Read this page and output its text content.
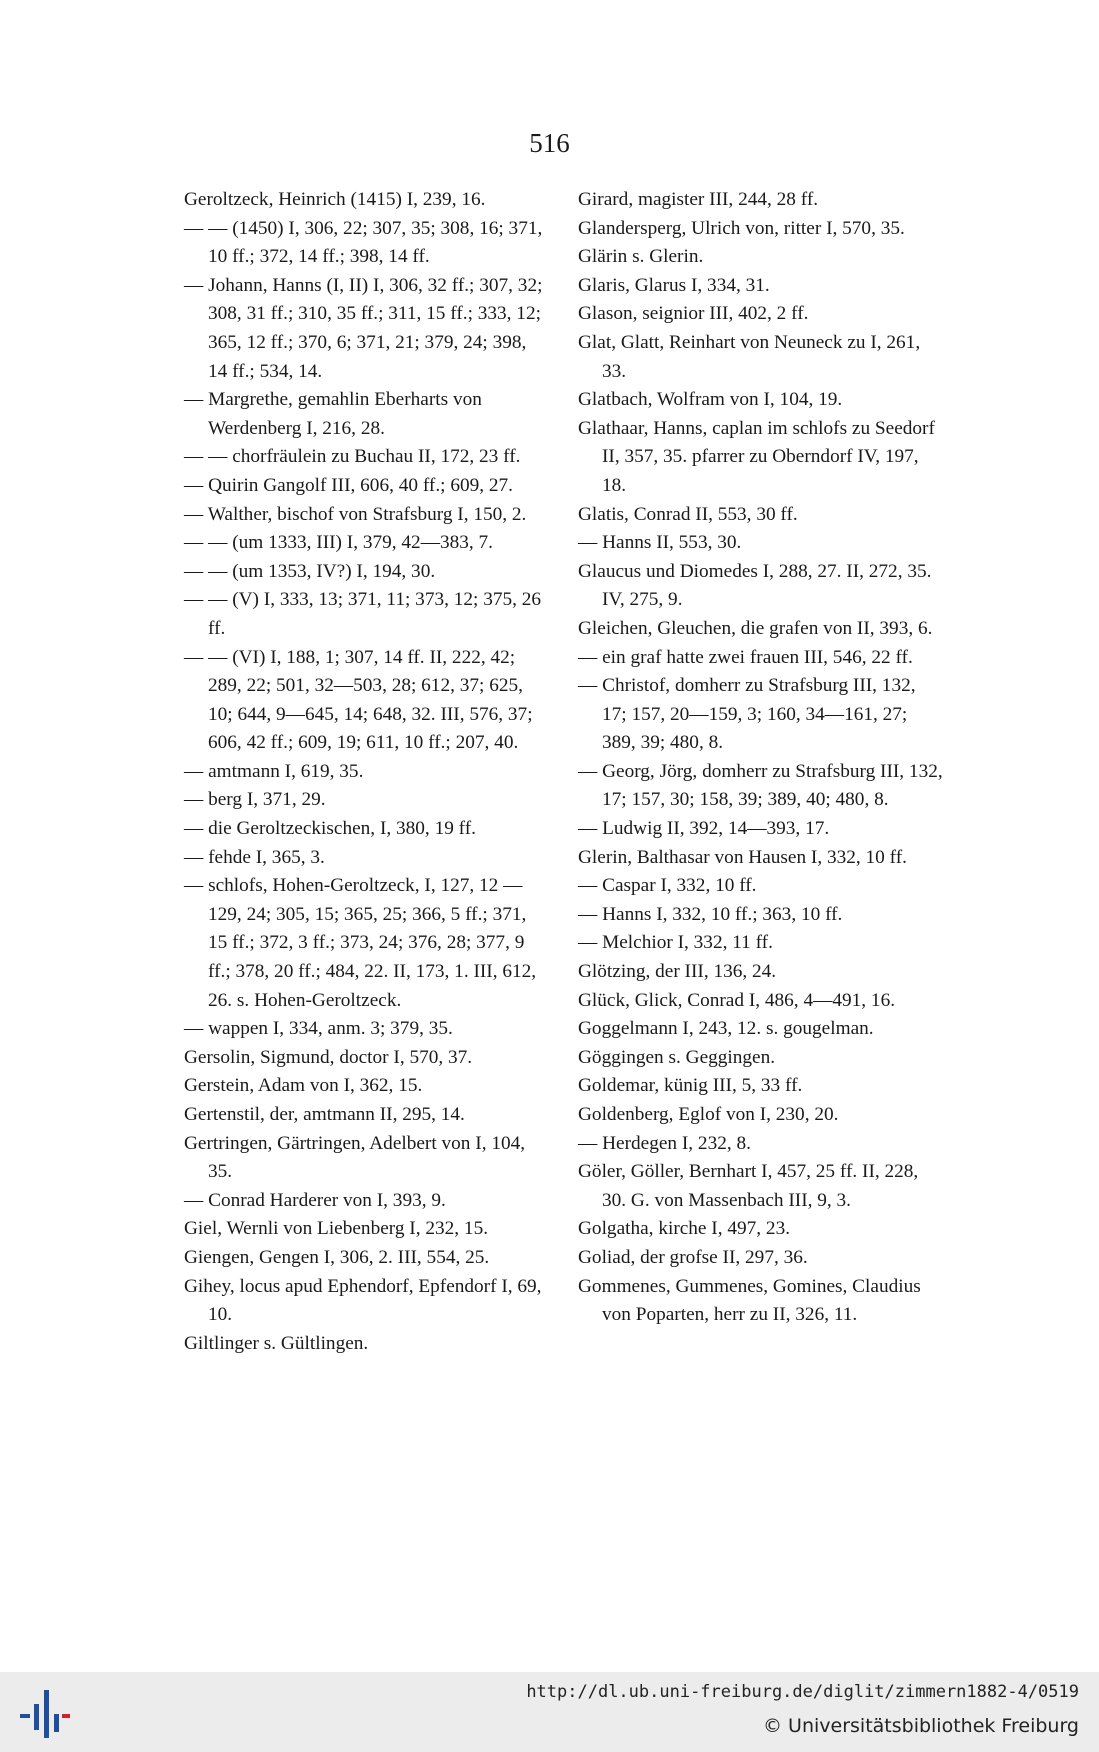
516
Geroltzeck, Heinrich (1415) I, 239, 16.
— — (1450) I, 306, 22; 307, 35; 308, 16; 371, 10 ff.; 372, 14 ff.; 398, 14 ff.
— Johann, Hanns (I, II) I, 306, 32 ff.; 307, 32; 308, 31 ff.; 310, 35 ff.; 311, 15 ff.; 333, 12; 365, 12 ff.; 370, 6; 371, 21; 379, 24; 398, 14 ff.; 534, 14.
— Margrethe, gemahlin Eberharts von Werdenberg I, 216, 28.
— — chorfräulein zu Buchau II, 172, 23 ff.
— Quirin Gangolf III, 606, 40 ff.; 609, 27.
— Walther, bischof von Strafsburg I, 150, 2.
— — (um 1333, III) I, 379, 42—383, 7.
— — (um 1353, IV?) I, 194, 30.
— — (V) I, 333, 13; 371, 11; 373, 12; 375, 26 ff.
— — (VI) I, 188, 1; 307, 14 ff. II, 222, 42; 289, 22; 501, 32—503, 28; 612, 37; 625, 10; 644, 9—645, 14; 648, 32. III, 576, 37; 606, 42 ff.; 609, 19; 611, 10 ff.; 207, 40.
— amtmann I, 619, 35.
— berg I, 371, 29.
— die Geroltzeckischen, I, 380, 19 ff.
— fehde I, 365, 3.
— schlofs, Hohen-Geroltzeck, I, 127, 12 —129, 24; 305, 15; 365, 25; 366, 5 ff.; 371, 15 ff.; 372, 3 ff.; 373, 24; 376, 28; 377, 9 ff.; 378, 20 ff.; 484, 22. II, 173, 1. III, 612, 26. s. Hohen-Geroltzeck.
— wappen I, 334, anm. 3; 379, 35.
Gersolin, Sigmund, doctor I, 570, 37.
Gerstein, Adam von I, 362, 15.
Gertenstil, der, amtmann II, 295, 14.
Gertringen, Gärtringen, Adelbert von I, 104, 35.
— Conrad Harderer von I, 393, 9.
Giel, Wernli von Liebenberg I, 232, 15.
Giengen, Gengen I, 306, 2. III, 554, 25.
Gihey, locus apud Ephendorf, Epfendorf I, 69, 10.
Giltlinger s. Gültlingen.
Girard, magister III, 244, 28 ff.
Glandersperg, Ulrich von, ritter I, 570, 35.
Glärin s. Glerin.
Glaris, Glarus I, 334, 31.
Glason, seignior III, 402, 2 ff.
Glat, Glatt, Reinhart von Neuneck zu I, 261, 33.
Glatbach, Wolfram von I, 104, 19.
Glathaar, Hanns, caplan im schlofs zu Seedorf II, 357, 35. pfarrer zu Oberndorf IV, 197, 18.
Glatis, Conrad II, 553, 30 ff.
— Hanns II, 553, 30.
Glaucus und Diomedes I, 288, 27. II, 272, 35. IV, 275, 9.
Gleichen, Gleuchen, die grafen von II, 393, 6.
— ein graf hatte zwei frauen III, 546, 22 ff.
— Christof, domherr zu Strafsburg III, 132, 17; 157, 20—159, 3; 160, 34—161, 27; 389, 39; 480, 8.
— Georg, Jörg, domherr zu Strafsburg III, 132, 17; 157, 30; 158, 39; 389, 40; 480, 8.
— Ludwig II, 392, 14—393, 17.
Glerin, Balthasar von Hausen I, 332, 10 ff.
— Caspar I, 332, 10 ff.
— Hanns I, 332, 10 ff.; 363, 10 ff.
— Melchior I, 332, 11 ff.
Glötzing, der III, 136, 24.
Glück, Glick, Conrad I, 486, 4—491, 16.
Goggelmann I, 243, 12. s. gougelman.
Göggingen s. Geggingen.
Goldemar, künig III, 5, 33 ff.
Goldenberg, Eglof von I, 230, 20.
— Herdegen I, 232, 8.
Göler, Göller, Bernhart I, 457, 25 ff. II, 228, 30. G. von Massenbach III, 9, 3.
Golgatha, kirche I, 497, 23.
Goliad, der grofse II, 297, 36.
Gommenes, Gummenes, Gomines, Claudius von Poparten, herr zu II, 326, 11.
http://dl.ub.uni-freiburg.de/diglit/zimmern1882-4/0519
© Universitätsbibliothek Freiburg
